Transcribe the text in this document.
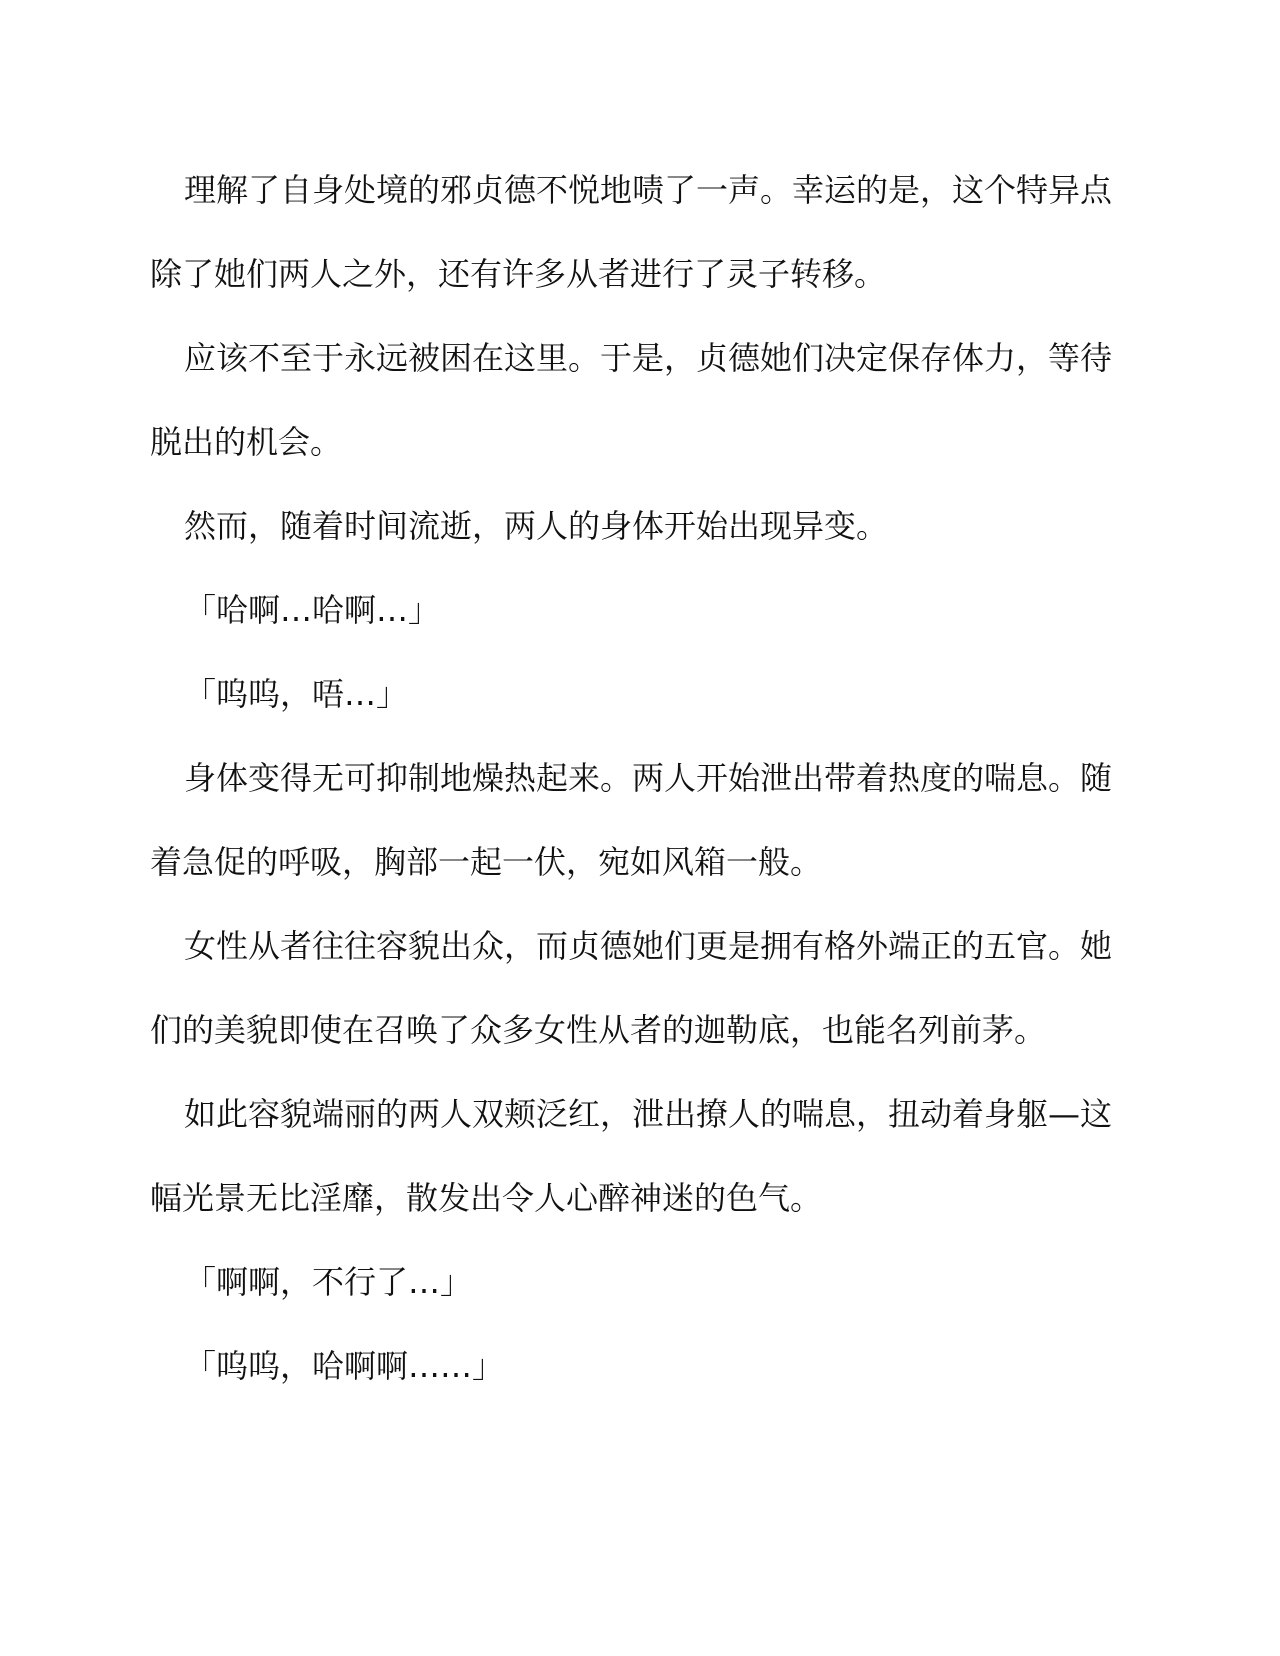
理解了自身处境的邪贞德不悦地啧了一声。幸运的是，这个特异点除了她们两人之外，还有许多从者进行了灵子转移。

应该不至于永远被困在这里。于是，贞德她们决定保存体力，等待脱出的机会。

然而，随着时间流逝，两人的身体开始出现异变。

「哈啊…哈啊…」

「呜呜，唔…」

身体变得无可抑制地燥热起来。两人开始泄出带着热度的喘息。随着急促的呼吸，胸部一起一伏，宛如风箱一般。

女性从者往往容貌出众，而贞德她们更是拥有格外端正的五官。她们的美貌即使在召唤了众多女性从者的迦勒底，也能名列前茅。

如此容貌端丽的两人双颊泛红，泄出撩人的喘息，扭动着身躯—这幅光景无比淫靡，散发出令人心醉神迷的色气。

「啊啊，不行了…」

「呜呜，哈啊啊……」
